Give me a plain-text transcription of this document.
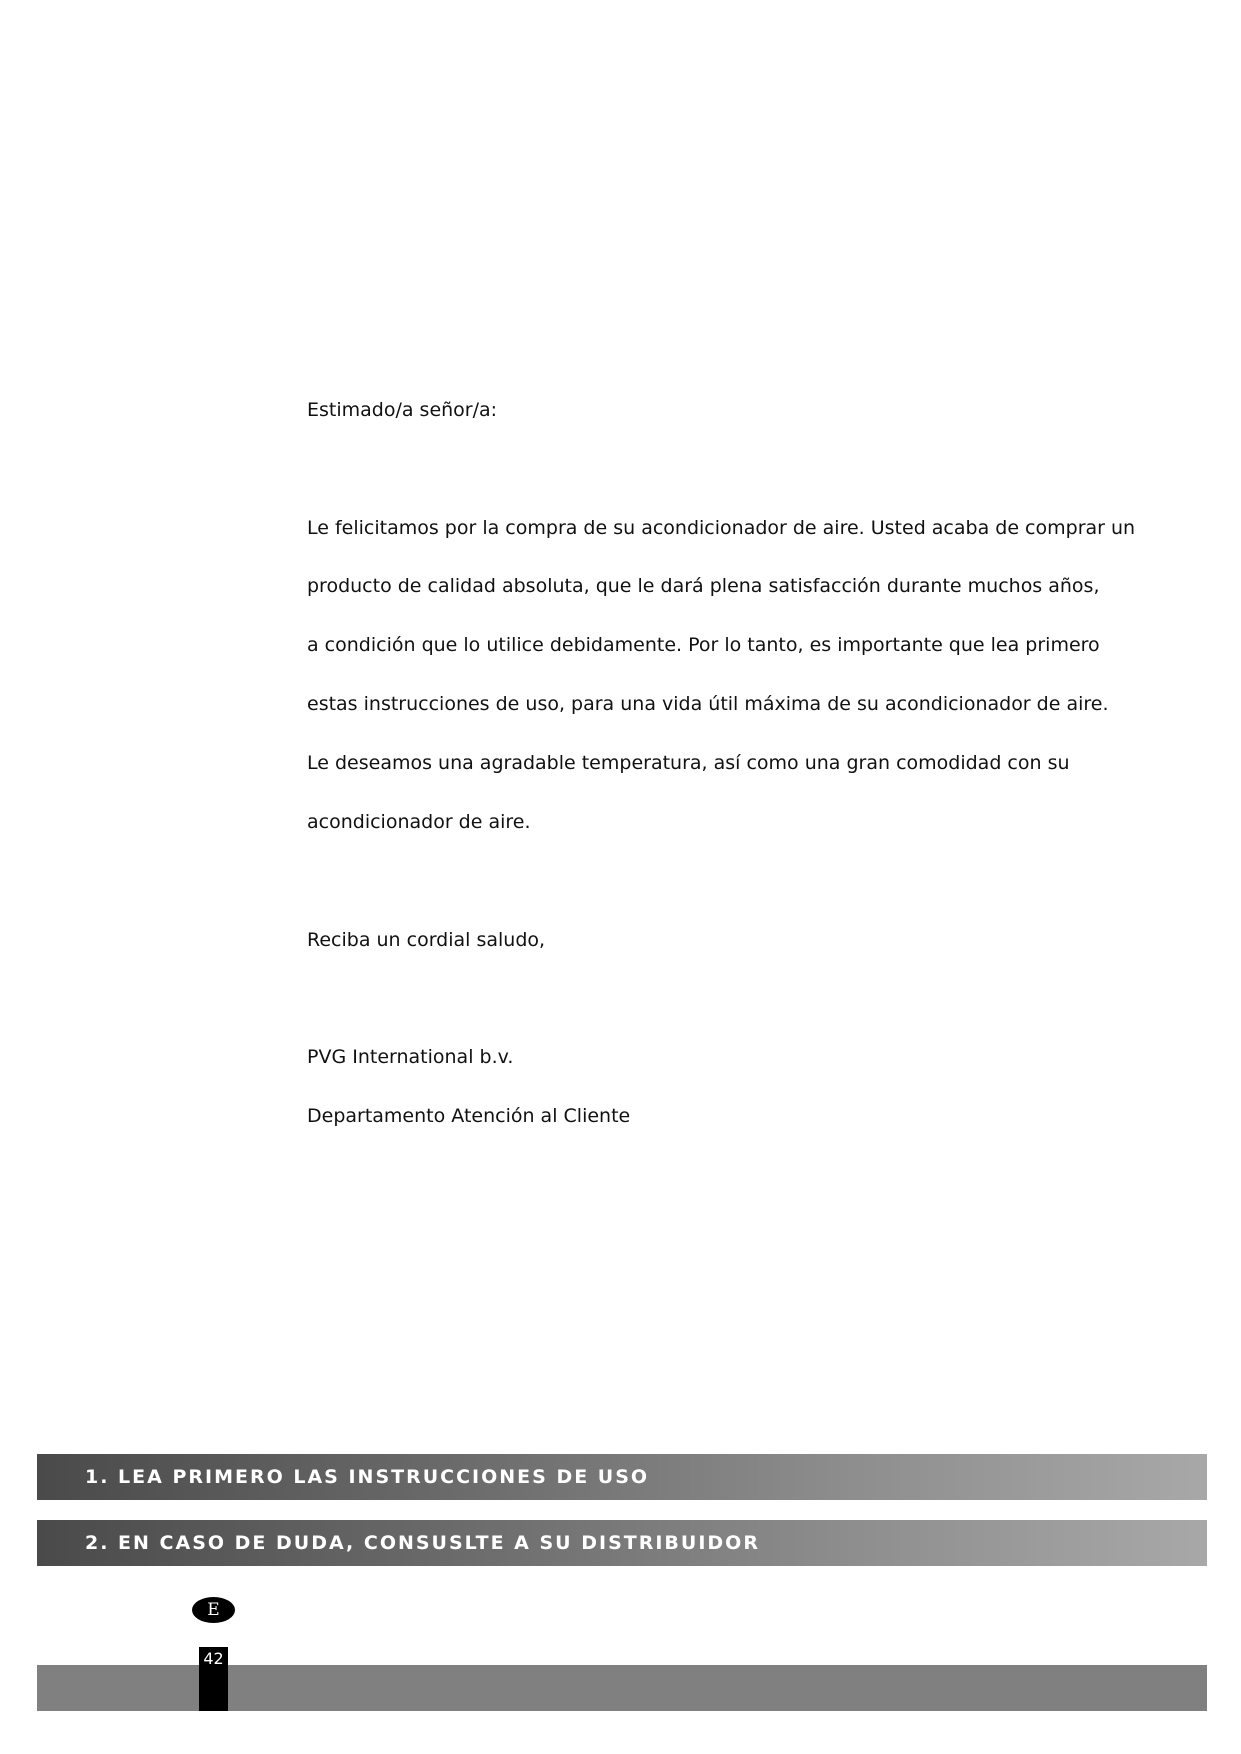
Estimado/a señor/a:
Le felicitamos por la compra de su acondicionador de aire. Usted acaba de comprar un
producto de calidad absoluta, que le dará plena satisfacción durante muchos años,
a condición que lo utilice debidamente. Por lo tanto, es importante que lea primero
estas instrucciones de uso, para una vida útil máxima de su acondicionador de aire.
Le deseamos una agradable temperatura, así como una gran comodidad con su
acondicionador de aire.
Reciba un cordial saludo,
PVG International b.v.
Departamento Atención al Cliente
1. LEA PRIMERO LAS INSTRUCCIONES DE USO
2. EN CASO DE DUDA, CONSUSLTE A SU DISTRIBUIDOR
E
42
